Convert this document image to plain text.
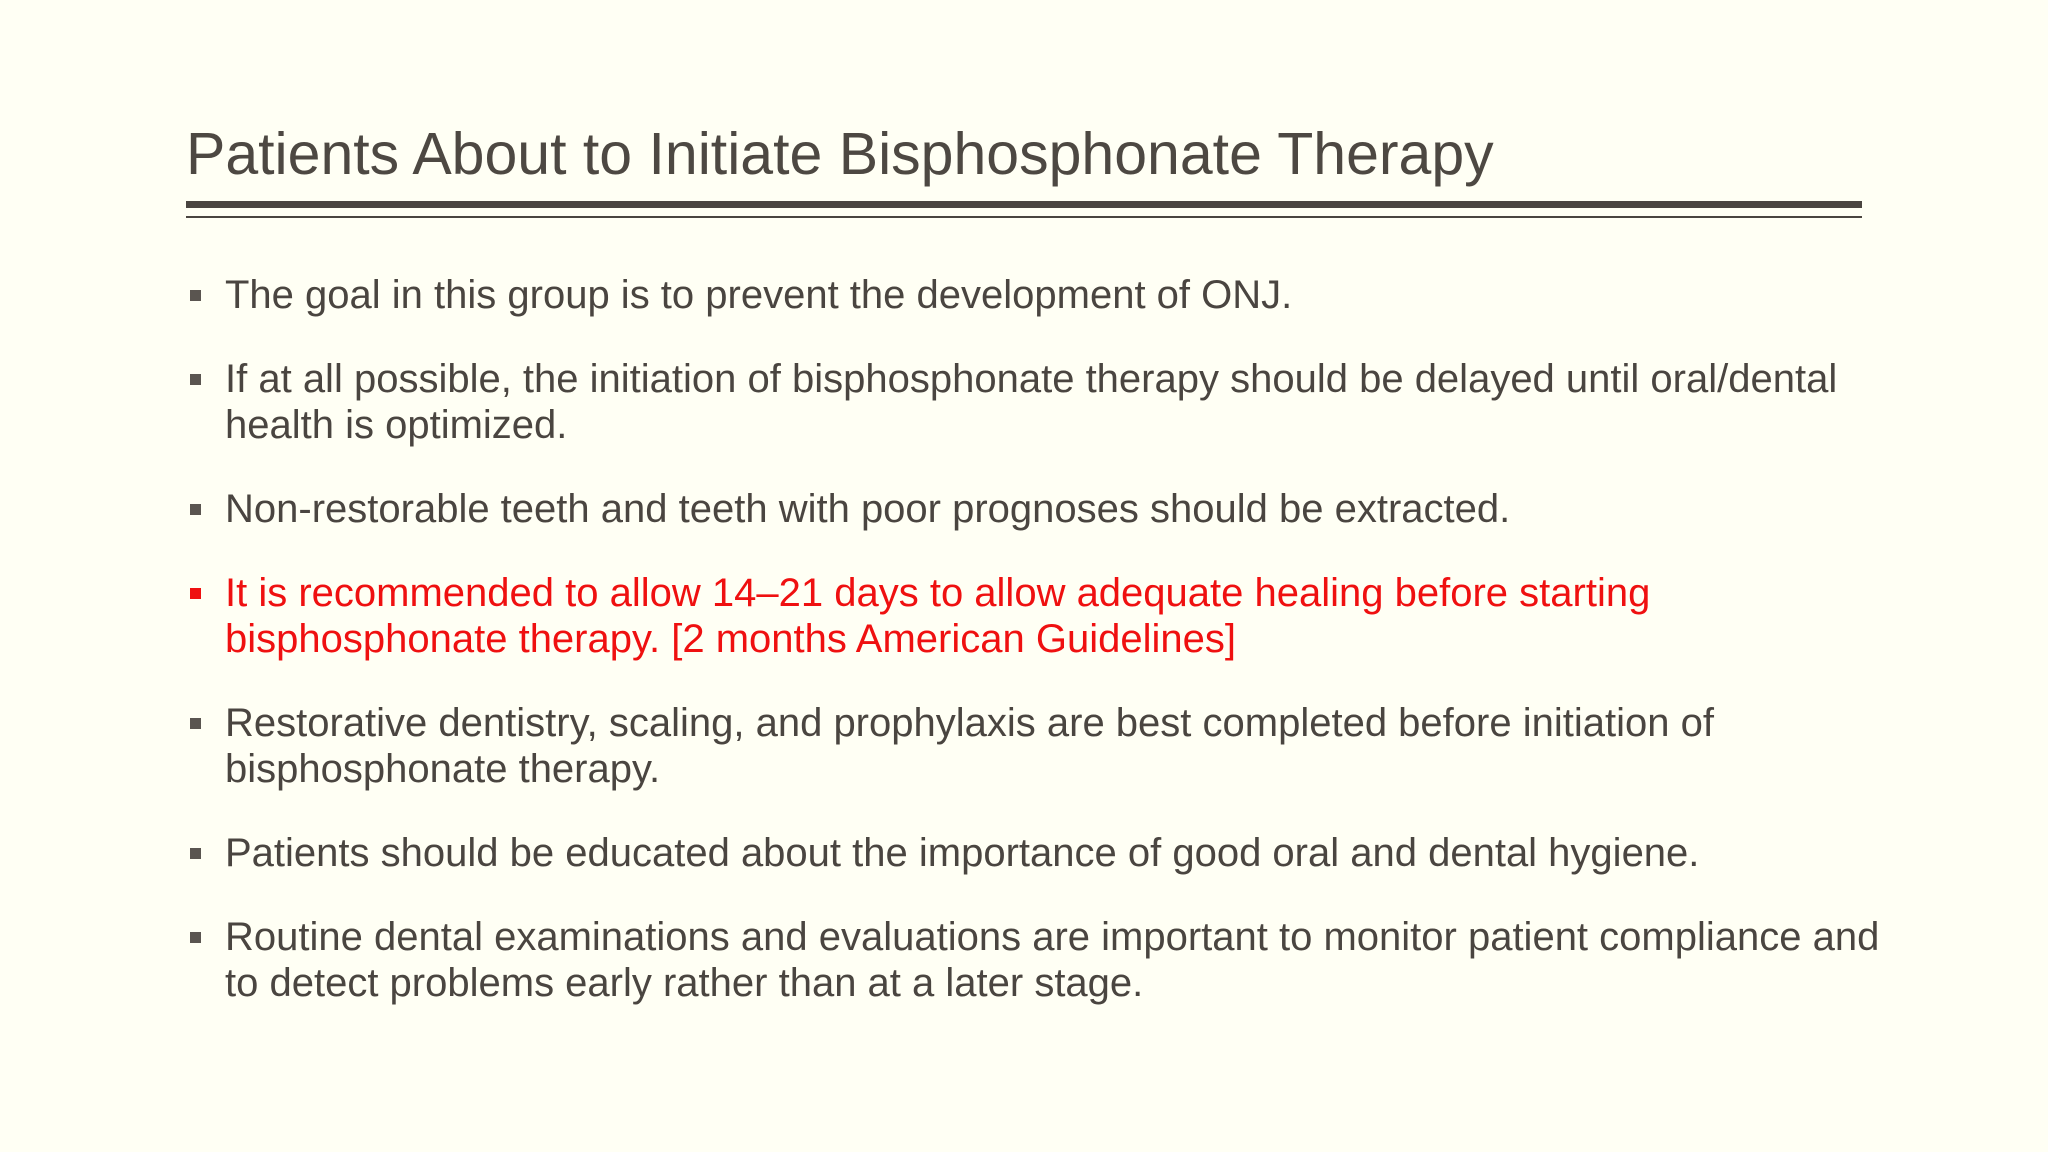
Patients About to Initiate Bisphosphonate Therapy
The goal in this group is to prevent the development of ONJ.
If at all possible, the initiation of bisphosphonate therapy should be delayed until oral/dental health is optimized.
Non-restorable teeth and teeth with poor prognoses should be extracted.
It is recommended to allow 14–21 days to allow adequate healing before starting bisphosphonate therapy. [2 months American Guidelines]
Restorative dentistry, scaling, and prophylaxis are best completed before initiation of bisphosphonate therapy.
Patients should be educated about the importance of good oral and dental hygiene.
Routine dental examinations and evaluations are important to monitor patient compliance and to detect problems early rather than at a later stage.
